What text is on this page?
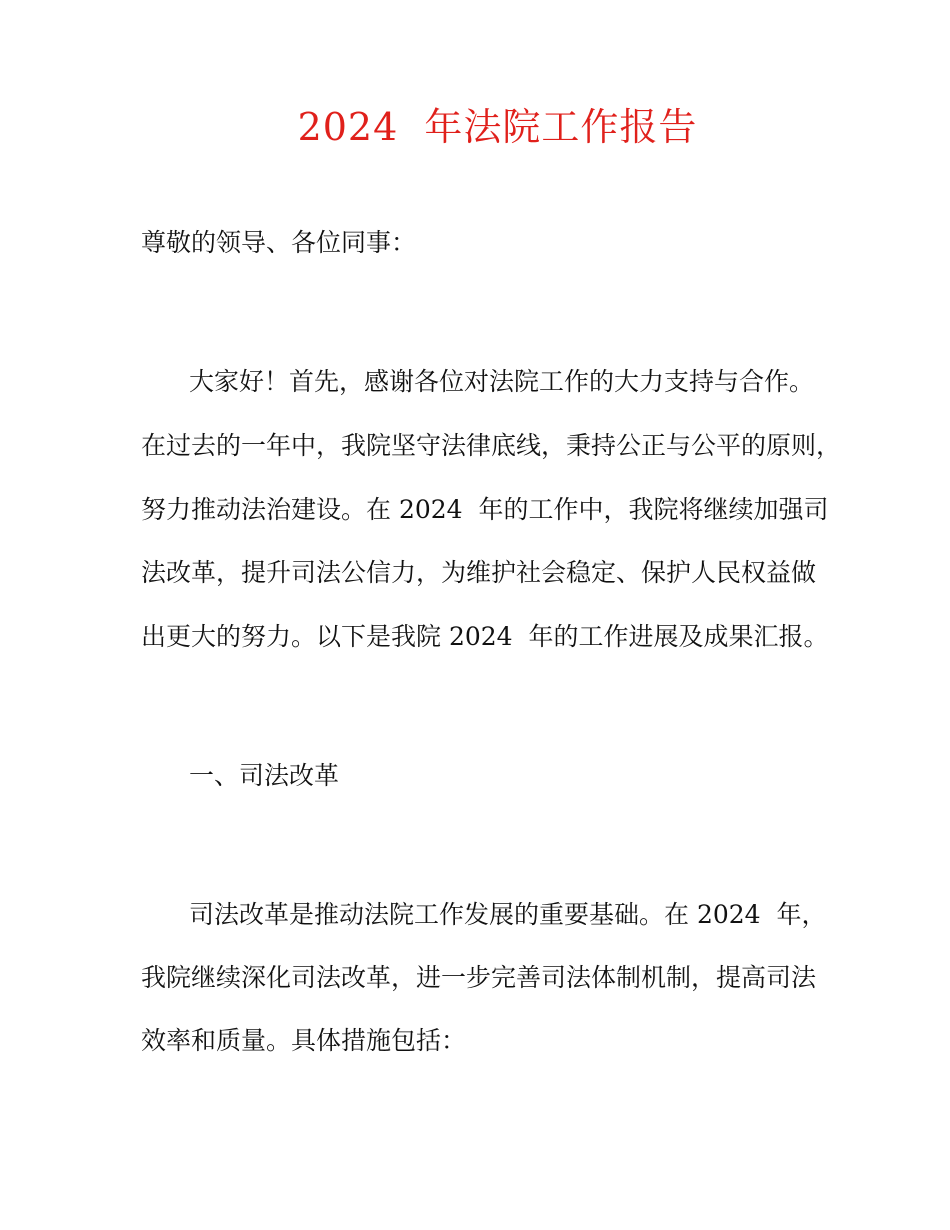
2024  年法院工作报告
尊敬的领导、各位同事：
大家好！首先，感谢各位对法院工作的大力支持与合作。
在过去的一年中，我院坚守法律底线，秉持公正与公平的原则，
努力推动法治建设。在 2024  年的工作中，我院将继续加强司
法改革，提升司法公信力，为维护社会稳定、保护人民权益做
出更大的努力。以下是我院 2024  年的工作进展及成果汇报。
一、司法改革
司法改革是推动法院工作发展的重要基础。在 2024  年，
我院继续深化司法改革，进一步完善司法体制机制，提高司法
效率和质量。具体措施包括：
